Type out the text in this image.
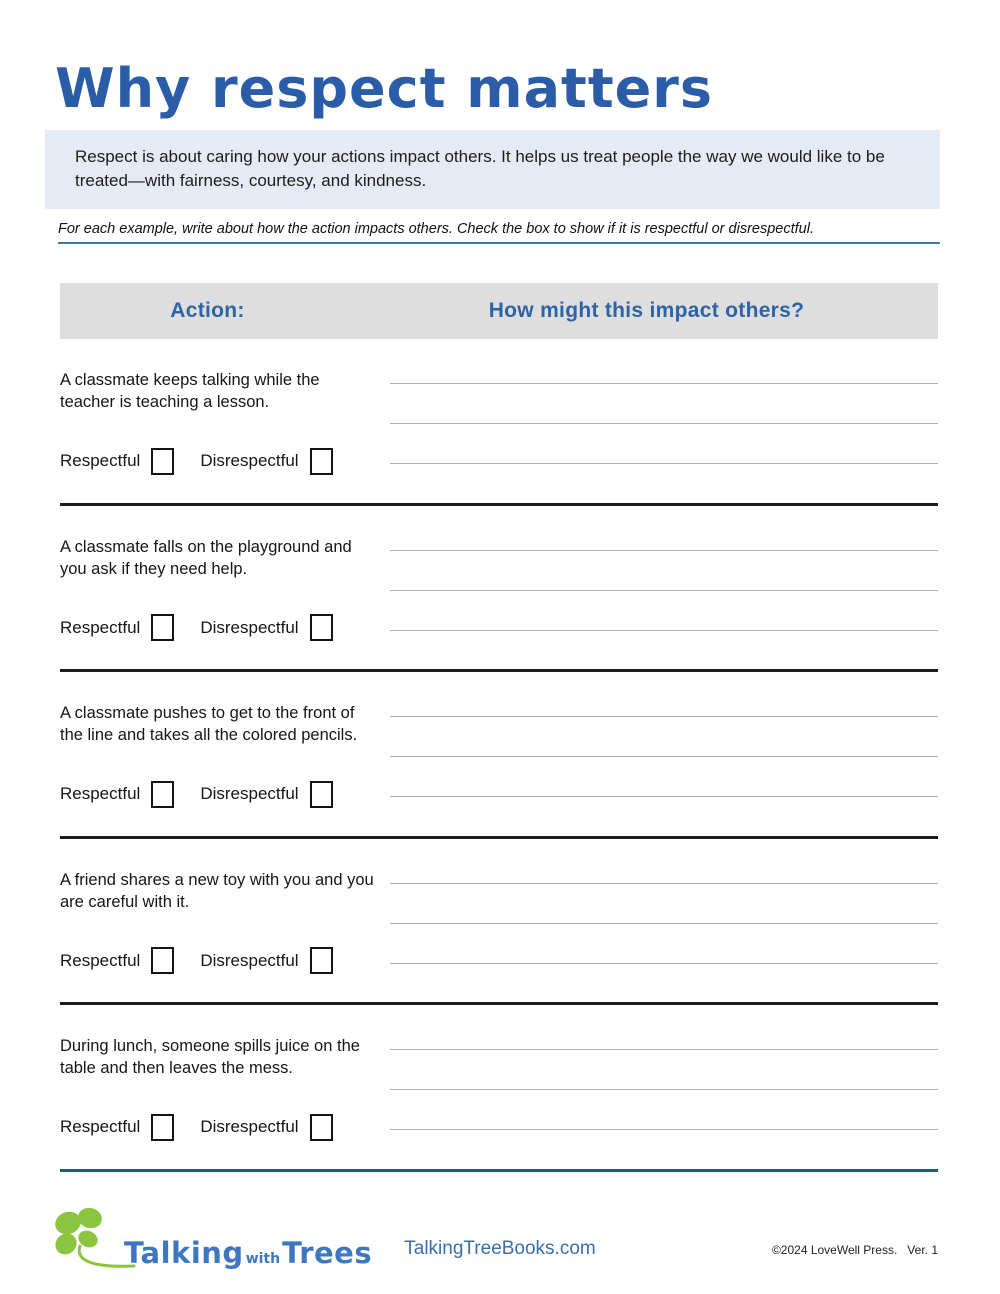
Why respect matters
Respect is about caring how your actions impact others. It helps us treat people the way we would like to be treated—with fairness, courtesy, and kindness.
For each example, write about how the action impacts others. Check the box to show if it is respectful or disrespectful.
Action:	How might this impact others?
A classmate keeps talking while the teacher is teaching a lesson.
Respectful	Disrespectful
A classmate falls on the playground and you ask if they need help.
Respectful	Disrespectful
A classmate pushes to get to the front of the line and takes all the colored pencils.
Respectful	Disrespectful
A friend shares a new toy with you and you are careful with it.
Respectful	Disrespectful
During lunch, someone spills juice on the table and then leaves the mess.
Respectful	Disrespectful
Talking withTrees	TalkingTreeBooks.com	©2024 LoveWell Press.   Ver. 1
